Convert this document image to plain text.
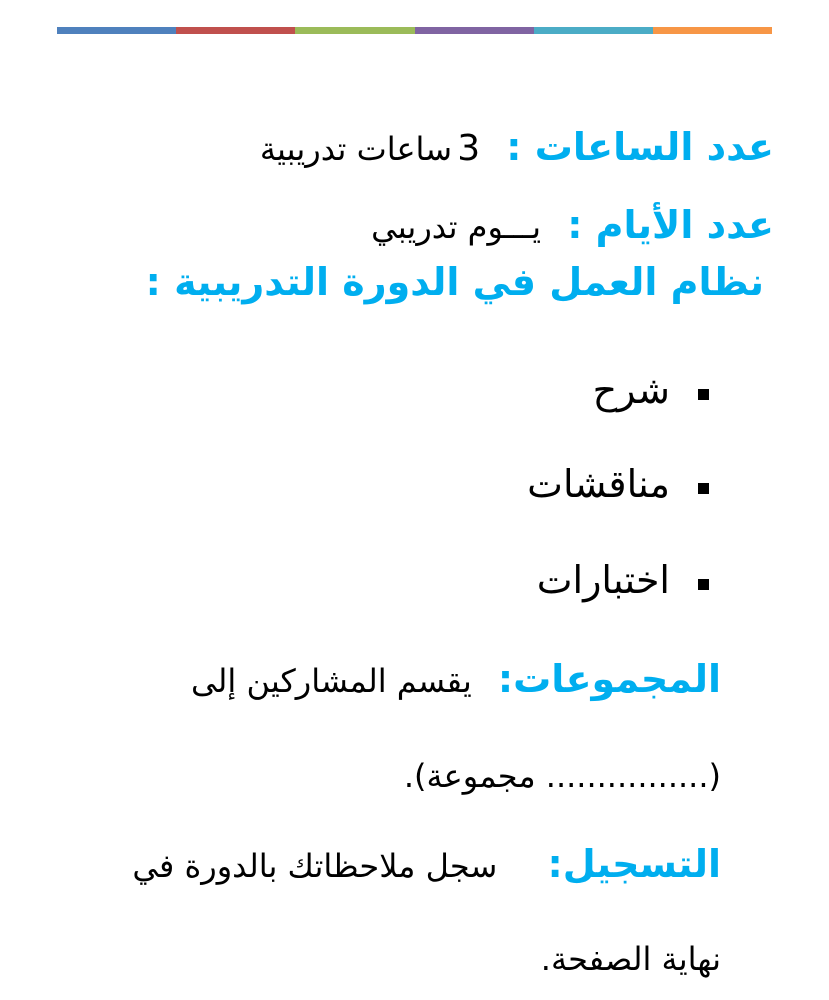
عدد الساعات :  3 ساعات تدريبية
عدد الأيام :  يـــوم تدريبي
نظام العمل في الدورة التدريبية :
شرح
مناقشات
اختبارات
المجموعات:  يقسم المشاركين إلى
(................ مجموعة).
التسجيل:  سجل ملاحظاتك بالدورة في
نهاية الصفحة.
